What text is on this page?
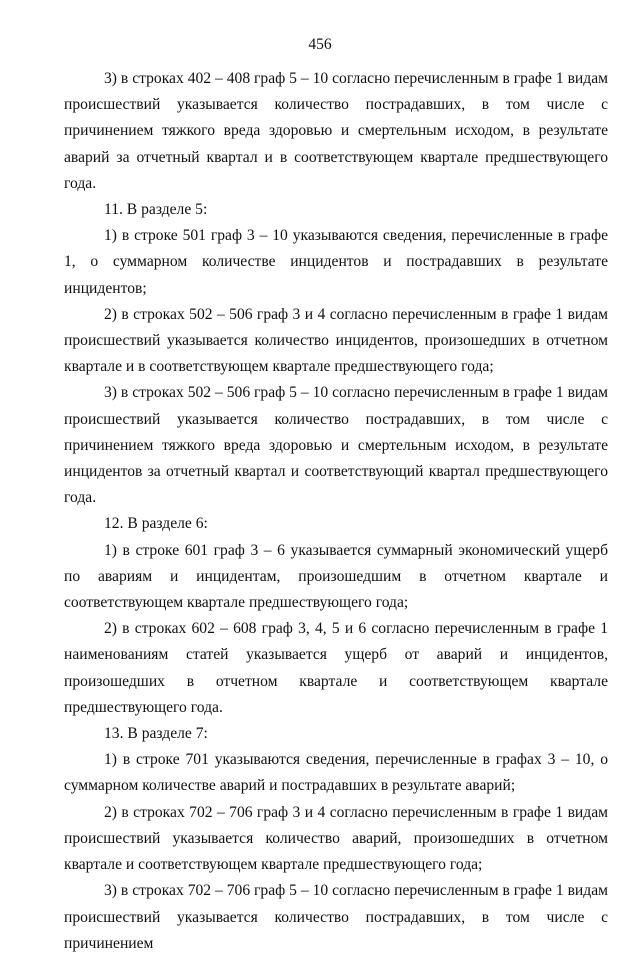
456

3) в строках 402 – 408 граф 5 – 10 согласно перечисленным в графе 1 видам происшествий указывается количество пострадавших, в том числе с причинением тяжкого вреда здоровью и смертельным исходом, в результате аварий за отчетный квартал и в соответствующем квартале предшествующего года.

11. В разделе 5:

1) в строке 501 граф 3 – 10 указываются сведения, перечисленные в графе 1, о суммарном количестве инцидентов и пострадавших в результате инцидентов;

2) в строках 502 – 506 граф 3 и 4 согласно перечисленным в графе 1 видам происшествий указывается количество инцидентов, произошедших в отчетном квартале и в соответствующем квартале предшествующего года;

3) в строках 502 – 506 граф 5 – 10 согласно перечисленным в графе 1 видам происшествий указывается количество пострадавших, в том числе с причинением тяжкого вреда здоровью и смертельным исходом, в результате инцидентов за отчетный квартал и соответствующий квартал предшествующего года.

12. В разделе 6:

1) в строке 601 граф 3 – 6 указывается суммарный экономический ущерб по авариям и инцидентам, произошедшим в отчетном квартале и соответствующем квартале предшествующего года;

2) в строках 602 – 608 граф 3, 4, 5 и 6 согласно перечисленным в графе 1 наименованиям статей указывается ущерб от аварий и инцидентов, произошедших в отчетном квартале и соответствующем квартале предшествующего года.

13. В разделе 7:

1) в строке 701 указываются сведения, перечисленные в графах 3 – 10, о суммарном количестве аварий и пострадавших в результате аварий;

2) в строках 702 – 706 граф 3 и 4 согласно перечисленным в графе 1 видам происшествий указывается количество аварий, произошедших в отчетном квартале и соответствующем квартале предшествующего года;

3) в строках 702 – 706 граф 5 – 10 согласно перечисленным в графе 1 видам происшествий указывается количество пострадавших, в том числе с причинением
